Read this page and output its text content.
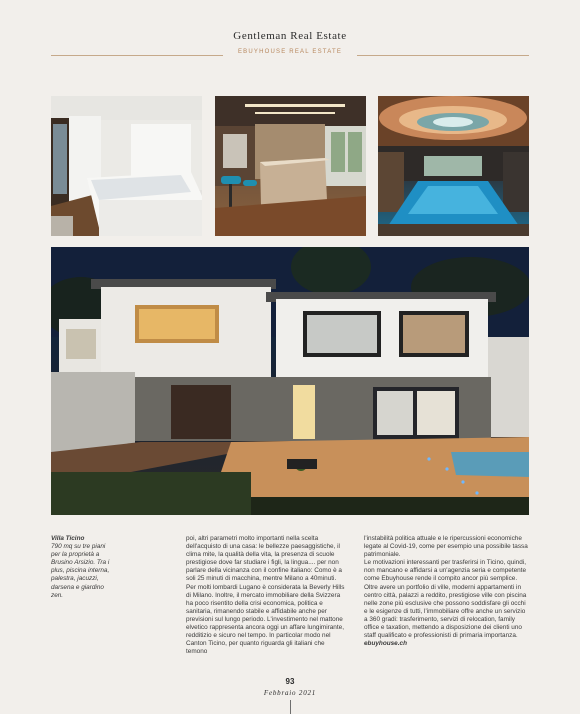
Gentleman Real Estate
EBUYHOUSE REAL ESTATE
Villa Ticino
790 mq su tre piani per la proprietà a Brusino Arsizio. Tra i plus, piscina interna, palestra, jacuzzi, darsena e giardino zen.

poi, altri parametri molto importanti nella scelta dell'acquisto di una casa: le bellezze paesaggistiche, il clima mite, la qualità della vita, la presenza di scuole prestigiose dove far studiare i figli, la lingua.... per non parlare della vicinanza con il confine italiano: Como è a soli 25 minuti di macchina, mentre Milano a 40minuti. Per molti lombardi Lugano è considerata la Beverly Hills di Milano. Inoltre, il mercato immobiliare della Svizzera ha poco risentito della crisi economica, politica e sanitaria, rimanendo stabile e affidabile anche per previsioni sul lungo periodo. L'investimento nel mattone elvetico rappresenta ancora oggi un affare lungimirante, redditizio e sicuro nel tempo. In particolar modo nel Canton Ticino, per quanto riguarda gli italiani che temono

l'instabilità politica attuale e le ripercussioni economiche legate al Covid-19, come per esempio una possibile tassa patrimoniale.

Le motivazioni interessanti per trasferirsi in Ticino, quindi, non mancano e affidarsi a un'agenzia seria e competente come Ebuyhouse rende il compito ancor più semplice. Oltre avere un portfolio di ville, moderni appartamenti in centro città, palazzi a reddito, prestigiose ville con piscina nelle zone più esclusive che possono soddisfare gli occhi e le esigenze di tutti, l'immobiliare offre anche un servizio a 360 gradi: trasferimento, servizi di relocation, family office e taxation, mettendo a disposizione dei clienti uno staff qualificato e professionisti di primaria importanza.

ebuyhouse.ch

93
Febbraio 2021
